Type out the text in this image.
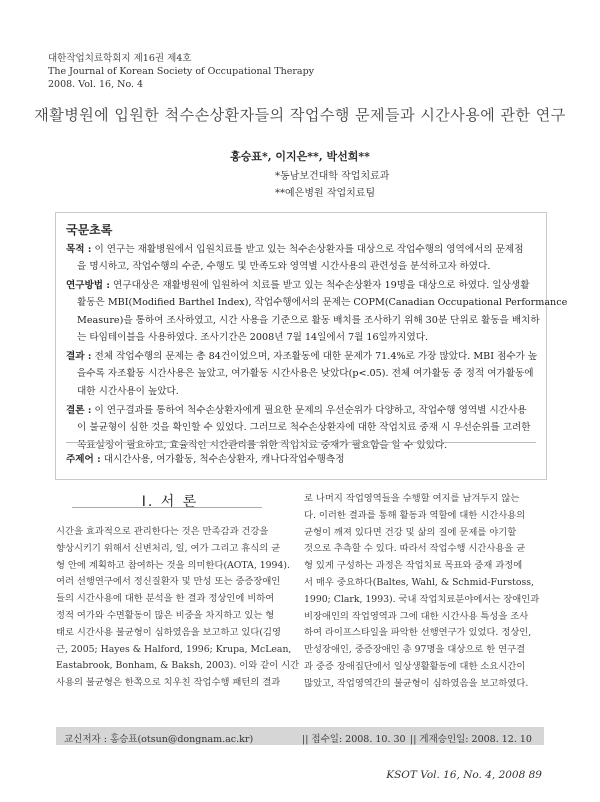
대한작업치료학회지 제16권 제4호
The Journal of Korean Society of Occupational Therapy
2008. Vol. 16, No. 4
재활병원에 입원한 척수손상환자들의 작업수행 문제들과 시간사용에 관한 연구
홍승표*, 이지은**, 박선희**
*동남보건대학 작업치료과
**예은병원 작업치료팀
국문초록

목적 : 이 연구는 재활병원에서 입원치료를 받고 있는 척수손상환자를 대상으로 작업수행의 영역에서의 문제점

을 명시하고, 작업수행의 수준, 수행도 및 만족도와 영역별 시간사용의 관련성을 분석하고자 하였다.

연구방법 : 연구대상은 재활병원에 입원하여 치료를 받고 있는 척수손상환자 19명을 대상으로 하였다. 일상생활

활동은 MBI(Modified Barthel Index), 작업수행에서의 문제는 COPM(Canadian Occupational Performance

Measure)을 통하여 조사하였고, 시간 사용을 기준으로 활동 배치를 조사하기 위해 30분 단위로 활동을 배치하

는 타임테이블을 사용하였다. 조사기간은 2008년 7월 14일에서 7월 16일까지였다.

결과 : 전체 작업수행의 문제는 총 84건이었으며, 자조활동에 대한 문제가 71.4%로 가장 많았다. MBI 점수가 높

을수록 자조활동 시간사용은 높았고, 여가활동 시간사용은 낮았다(p<.05). 전체 여가활동 중 정적 여가활동에

대한 시간사용이 높았다.

결론 : 이 연구결과를 통하여 척수손상환자에게 필요한 문제의 우선순위가 다양하고, 작업수행 영역별 시간사용

이 불균형이 심한 것을 확인할 수 있었다. 그러므로 척수손상환자에 대한 작업치료 중재 시 우선순위를 고려한

목표설정이 필요하고, 효율적인 시간관리를 위한 작업치료 중재가 필요함을 알 수 있었다.

주제어 : 대시간사용, 여가활동, 척수손상환자, 캐나다작업수행측정
Ⅰ. 서 론

시간을 효과적으로 관리한다는 것은 만족감과 건강을

향상시키기 위해서 신변처리, 일, 여가 그리고 휴식의 균

형 안에 계획하고 참여하는 것을 의미한다(AOTA, 1994).

여러 선행연구에서 정신질환자 및 만성 또는 중증장애인

들의 시간사용에 대한 분석을 한 결과 정상인에 비하여

정적 여가와 수면활동이 많은 비중을 차지하고 있는 형

태로 시간사용 불균형이 심하였음을 보고하고 있다(김영

근, 2005; Hayes & Halford, 1996; Krupa, McLean,

Eastabrook, Bonham, & Baksh, 2003). 이와 같이 시간

사용의 불균형은 한쪽으로 치우친 작업수행 패턴의 결과

로 나머지 작업영역들을 수행할 여지를 남겨두지 않는

다. 이러한 결과를 통해 활동과 역할에 대한 시간사용의

균형이 깨져 있다면 건강 및 삶의 질에 문제를 야기할

것으로 추측할 수 있다. 따라서 작업수행 시간사용을 균

형 있게 구성하는 과정은 작업치료 목표와 중재 과정에

서 매우 중요하다(Baltes, Wahl, & Schmid-Furstoss,

1990; Clark, 1993). 국내 작업치료분야에서는 장애인과

비장애인의 작업영역과 그에 대한 시간사용 특성을 조사

하여 라이프스타일을 파악한 선행연구가 있었다. 정상인,

만성장애인, 중증장애인 총 97명을 대상으로 한 연구결

과 중증 장애집단에서 일상생활활동에 대한 소요시간이

많았고, 작업영역간의 불균형이 심하였음을 보고하였다.

교신저자 : 홍승표(otsun@dongnam.ac.kr)	|| 접수일: 2008. 10. 30 || 게재승인일: 2008. 12. 10
KSOT Vol. 16, No. 4, 2008 89
